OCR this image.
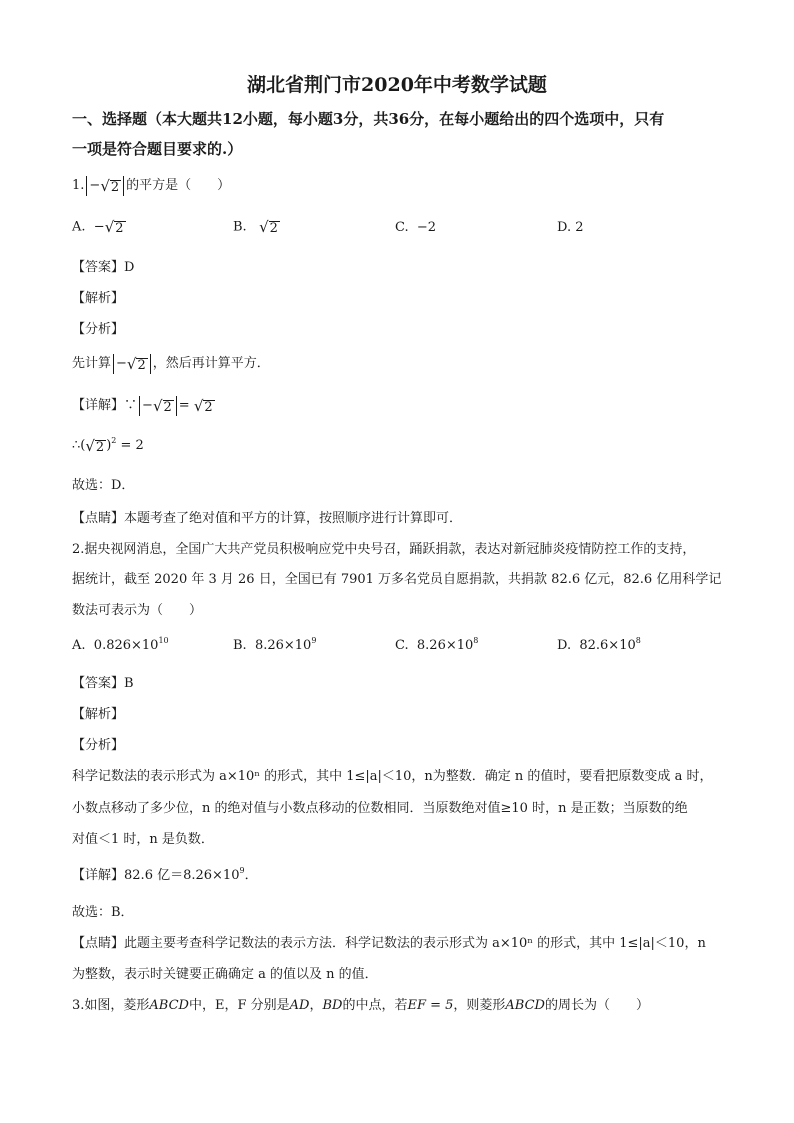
湖北省荆门市2020年中考数学试题
一、选择题（本大题共12小题，每小题3分，共36分，在每小题给出的四个选项中，只有
一项是符合题目要求的.）
1. −√2 的平方是（　　）
A. −√2	B. √2	C. −2	D. 2
【答案】D
【解析】
【分析】
先计算 −√2 ，然后再计算平方．
【详解】∵ −√2 = √2
∴(√2 )$^2$ = 2
故选：D．
【点睛】本题考查了绝对值和平方的计算，按照顺序进行计算即可．
2.据央视网消息，全国广大共产党员积极响应党中央号召，踊跃捐款，表达对新冠肺炎疫情防控工作的支持，
据统计，截至 2020 年 3 月 26 日，全国已有 7901 万多名党员自愿捐款，共捐款 82.6 亿元，82.6 亿用科学记
数法可表示为（　　）
A. $0.826\times 10^{10}$	B. $8.26\times 10^9$	C. $8.26\times 10^8$	D. $82.6\times 10^8$
【答案】B
【解析】
【分析】
科学记数法的表示形式为 a×10ⁿ 的形式，其中 1≤|a|＜10，n为整数．确定 n 的值时，要看把原数变成 a 时，
小数点移动了多少位，n 的绝对值与小数点移动的位数相同．当原数绝对值≥10 时，n 是正数；当原数的绝
对值＜1 时，n 是负数．
【详解】82.6 亿$=8.26\times 10^9$．
故选：B．
【点睛】此题主要考查科学记数法的表示方法．科学记数法的表示形式为 a×10ⁿ 的形式，其中 1≤|a|＜10，n
为整数，表示时关键要正确确定 a 的值以及 n 的值．
3.如图，菱形ABCD中，E，F 分别是AD，BD的中点，若EF = 5，则菱形ABCD的周长为（　　）
